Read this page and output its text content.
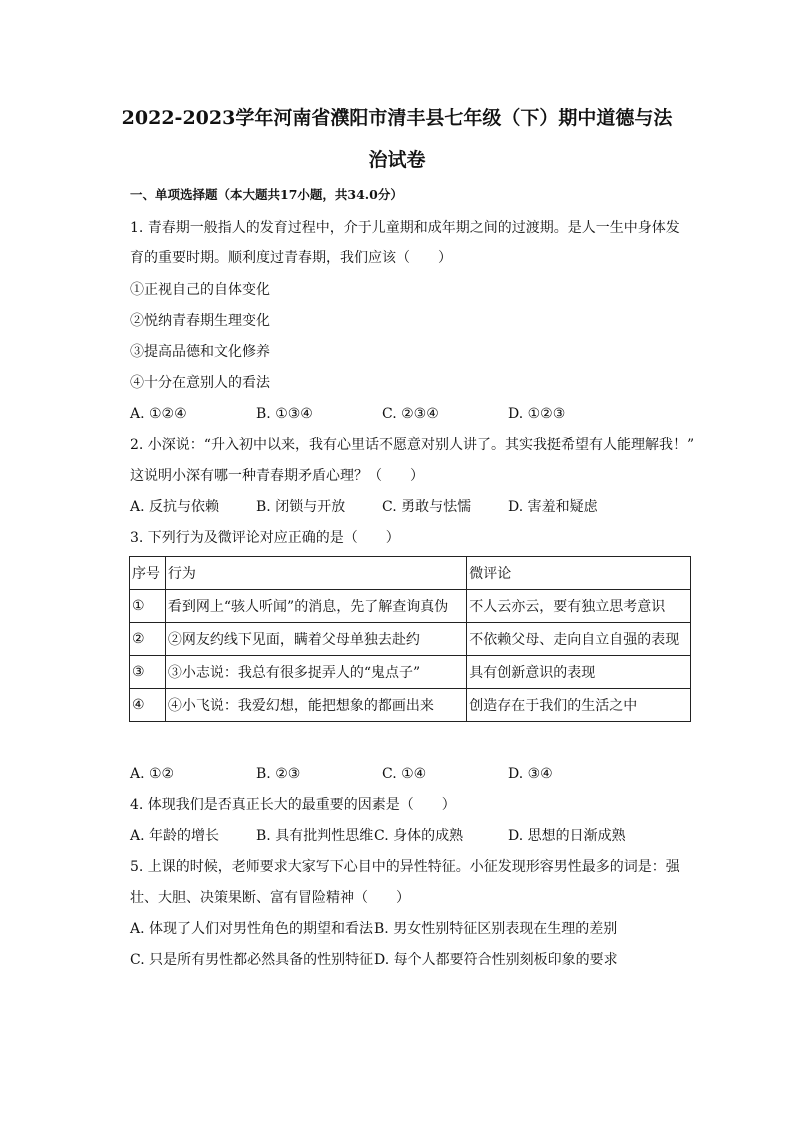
2022-2023学年河南省濮阳市清丰县七年级（下）期中道德与法
治试卷
一、单项选择题（本大题共17小题，共34.0分）
1. 青春期一般指人的发育过程中，介于儿童期和成年期之间的过渡期。是人一生中身体发
育的重要时期。顺利度过青春期，我们应该（　　）
①正视自己的自体变化
②悦纳青春期生理变化
③提高品德和文化修养
④十分在意别人的看法
A. ①②④	B. ①③④	C. ②③④	D. ①②③
2. 小深说：“升入初中以来，我有心里话不愿意对别人讲了。其实我挺希望有人能理解我！”
这说明小深有哪一种青春期矛盾心理？（　　）
A. 反抗与依赖	B. 闭锁与开放	C. 勇敢与怯懦	D. 害羞和疑虑
3. 下列行为及微评论对应正确的是（　　）
序号	行为	微评论
①	看到网上“骇人听闻”的消息，先了解查询真伪	不人云亦云，要有独立思考意识
②	②网友约线下见面，瞒着父母单独去赴约	不依赖父母、走向自立自强的表现
③	③小志说：我总有很多捉弄人的“鬼点子”	具有创新意识的表现
④	④小飞说：我爱幻想，能把想象的都画出来	创造存在于我们的生活之中
A. ①②	B. ②③	C. ①④	D. ③④
4. 体现我们是否真正长大的最重要的因素是（　　）
A. 年龄的增长	B. 具有批判性思维 C. 身体的成熟	D. 思想的日渐成熟
5. 上课的时候，老师要求大家写下心目中的异性特征。小征发现形容男性最多的词是：强
壮、大胆、决策果断、富有冒险精神（　　）
A. 体现了人们对男性角色的期望和看法 B. 男女性别特征区别表现在生理的差别
C. 只是所有男性都必然具备的性别特征 D. 每个人都要符合性别刻板印象的要求
